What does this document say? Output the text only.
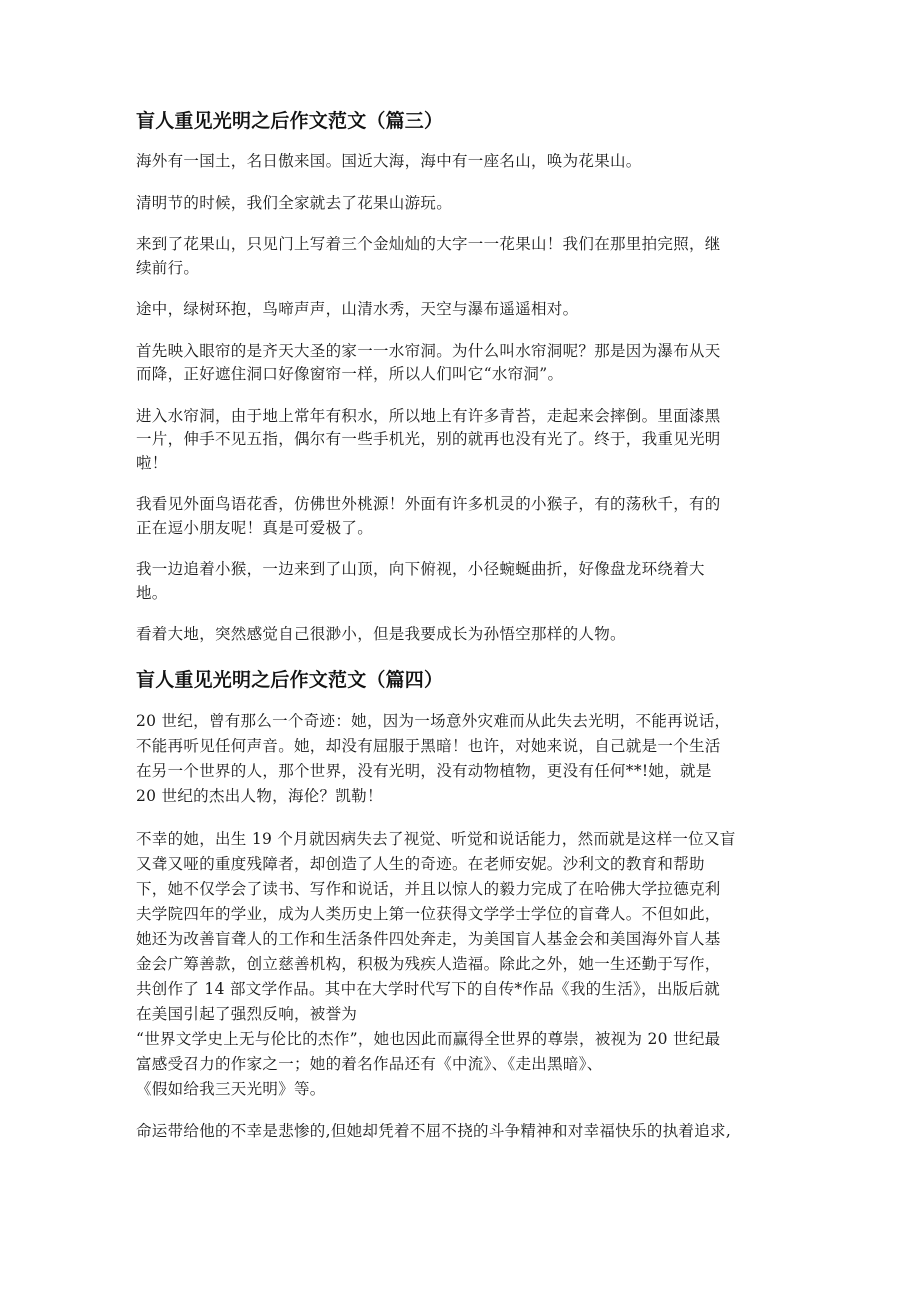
盲人重见光明之后作文范文（篇三）

海外有一国土，名日傲来国。国近大海，海中有一座名山，唤为花果山。

清明节的时候，我们全家就去了花果山游玩。

来到了花果山，只见门上写着三个金灿灿的大字一一花果山！我们在那里拍完照，继
续前行。

途中，绿树环抱，鸟啼声声，山清水秀，天空与瀑布遥遥相对。

首先映入眼帘的是齐天大圣的家一一水帘洞。为什么叫水帘洞呢？那是因为瀑布从天
而降，正好遮住洞口好像窗帘一样，所以人们叫它“水帘洞”。

进入水帘洞，由于地上常年有积水，所以地上有许多青苔，走起来会摔倒。里面漆黑
一片，伸手不见五指，偶尔有一些手机光，别的就再也没有光了。终于，我重见光明
啦！

我看见外面鸟语花香，仿佛世外桃源！外面有许多机灵的小猴子，有的荡秋千，有的
正在逗小朋友呢！真是可爱极了。

我一边追着小猴，一边来到了山顶，向下俯视，小径蜿蜒曲折，好像盘龙环绕着大
地。

看着大地，突然感觉自己很渺小，但是我要成长为孙悟空那样的人物。

盲人重见光明之后作文范文（篇四）

20 世纪，曾有那么一个奇迹：她，因为一场意外灾难而从此失去光明，不能再说话，
不能再听见任何声音。她，却没有屈服于黑暗！也许，对她来说，自己就是一个生活
在另一个世界的人，那个世界，没有光明，没有动物植物，更没有任何**!她，就是
20 世纪的杰出人物，海伦？凯勒！

不幸的她，出生 19 个月就因病失去了视觉、听觉和说话能力，然而就是这样一位又盲
又聋又哑的重度残障者，却创造了人生的奇迹。在老师安妮。沙利文的教育和帮助
下，她不仅学会了读书、写作和说话，并且以惊人的毅力完成了在哈佛大学拉德克利
夫学院四年的学业，成为人类历史上第一位获得文学学士学位的盲聋人。不但如此，
她还为改善盲聋人的工作和生活条件四处奔走，为美国盲人基金会和美国海外盲人基
金会广筹善款，创立慈善机构，积极为残疾人造福。除此之外，她一生还勤于写作，
共创作了 14 部文学作品。其中在大学时代写下的自传*作品《我的生活》，出版后就
在美国引起了强烈反响，被誉为
“世界文学史上无与伦比的杰作”，她也因此而赢得全世界的尊崇，被视为 20 世纪最
富感受召力的作家之一；她的着名作品还有《中流》、《走出黑暗》、
《假如给我三天光明》等。

命运带给他的不幸是悲惨的,但她却凭着不屈不挠的斗争精神和对幸福快乐的执着追求,
